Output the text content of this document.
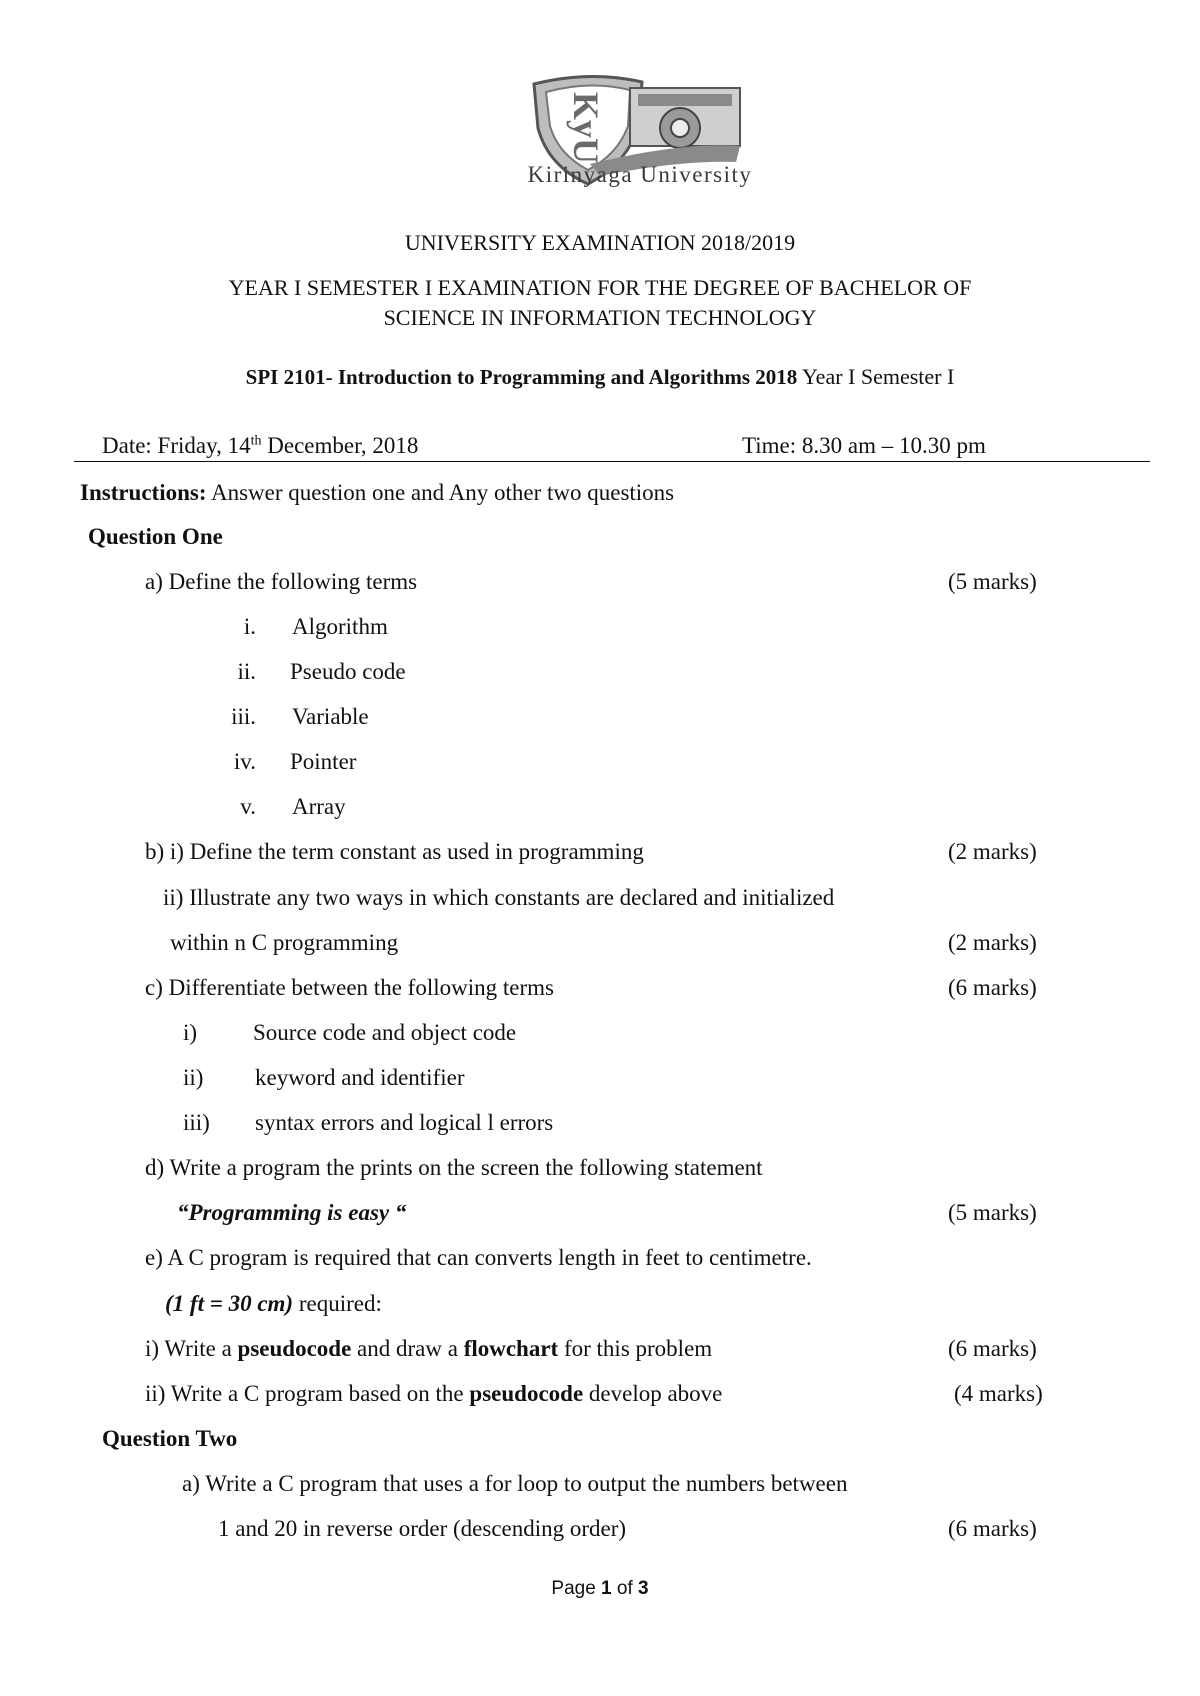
KyU
Kirinyaga University
UNIVERSITY EXAMINATION 2018/2019
YEAR I SEMESTER I EXAMINATION FOR THE DEGREE OF BACHELOR OF
SCIENCE IN INFORMATION TECHNOLOGY
SPI 2101- Introduction to Programming and Algorithms 2018 Year I Semester I
Date: Friday, 14th December, 2018	Time: 8.30 am – 10.30 pm
Instructions: Answer question one and Any other two questions
Question One
a) Define the following terms	(5 marks)
i. Algorithm
ii. Pseudo code
iii. Variable
iv. Pointer
v. Array
b) i) Define the term constant as used in programming	(2 marks)
ii) Illustrate any two ways in which constants are declared and initialized
within n C programming	(2 marks)
c) Differentiate between the following terms	(6 marks)
i) Source code and object code
ii) keyword and identifier
iii) syntax errors and logical l errors
d) Write a program the prints on the screen the following statement
“Programming is easy “	(5 marks)
e) A C program is required that can converts length in feet to centimetre.
(1 ft = 30 cm) required:
i) Write a pseudocode and draw a flowchart for this problem	(6 marks)
ii) Write a C program based on the pseudocode develop above	(4 marks)
Question Two
a) Write a C program that uses a for loop to output the numbers between
1 and 20 in reverse order (descending order)	(6 marks)
Page 1 of 3
